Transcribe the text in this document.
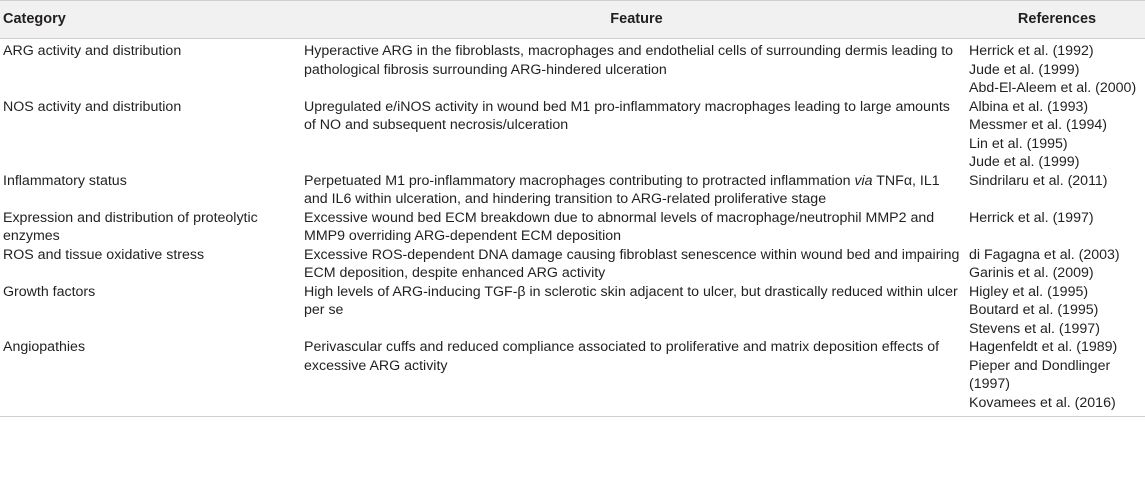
Category	Feature	References
ARG activity and distribution	Hyperactive ARG in the fibroblasts, macrophages and endothelial cells of surrounding dermis leading to pathological fibrosis surrounding ARG-hindered ulceration	Herrick et al. (1992)
Jude et al. (1999)
Abd-El-Aleem et al. (2000)

NOS activity and distribution	Upregulated e/iNOS activity in wound bed M1 pro-inflammatory macrophages leading to large amounts of NO and subsequent necrosis/ulceration	Albina et al. (1993)
Messmer et al. (1994)
Lin et al. (1995)
Jude et al. (1999)

Inflammatory status	Perpetuated M1 pro-inflammatory macrophages contributing to protracted inflammation via TNFα, IL1 and IL6 within ulceration, and hindering transition to ARG-related proliferative stage	Sindrilaru et al. (2011)

Expression and distribution of proteolytic enzymes	Excessive wound bed ECM breakdown due to abnormal levels of macrophage/neutrophil MMP2 and MMP9 overriding ARG-dependent ECM deposition	Herrick et al. (1997)

ROS and tissue oxidative stress	Excessive ROS-dependent DNA damage causing fibroblast senescence within wound bed and impairing ECM deposition, despite enhanced ARG activity	di Fagagna et al. (2003)
Garinis et al. (2009)

Growth factors	High levels of ARG-inducing TGF-β in sclerotic skin adjacent to ulcer, but drastically reduced within ulcer per se	Higley et al. (1995)
Boutard et al. (1995)
Stevens et al. (1997)

Angiopathies	Perivascular cuffs and reduced compliance associated to proliferative and matrix deposition effects of excessive ARG activity	Hagenfeldt et al. (1989)
Pieper and Dondlinger (1997)
Kovamees et al. (2016)
